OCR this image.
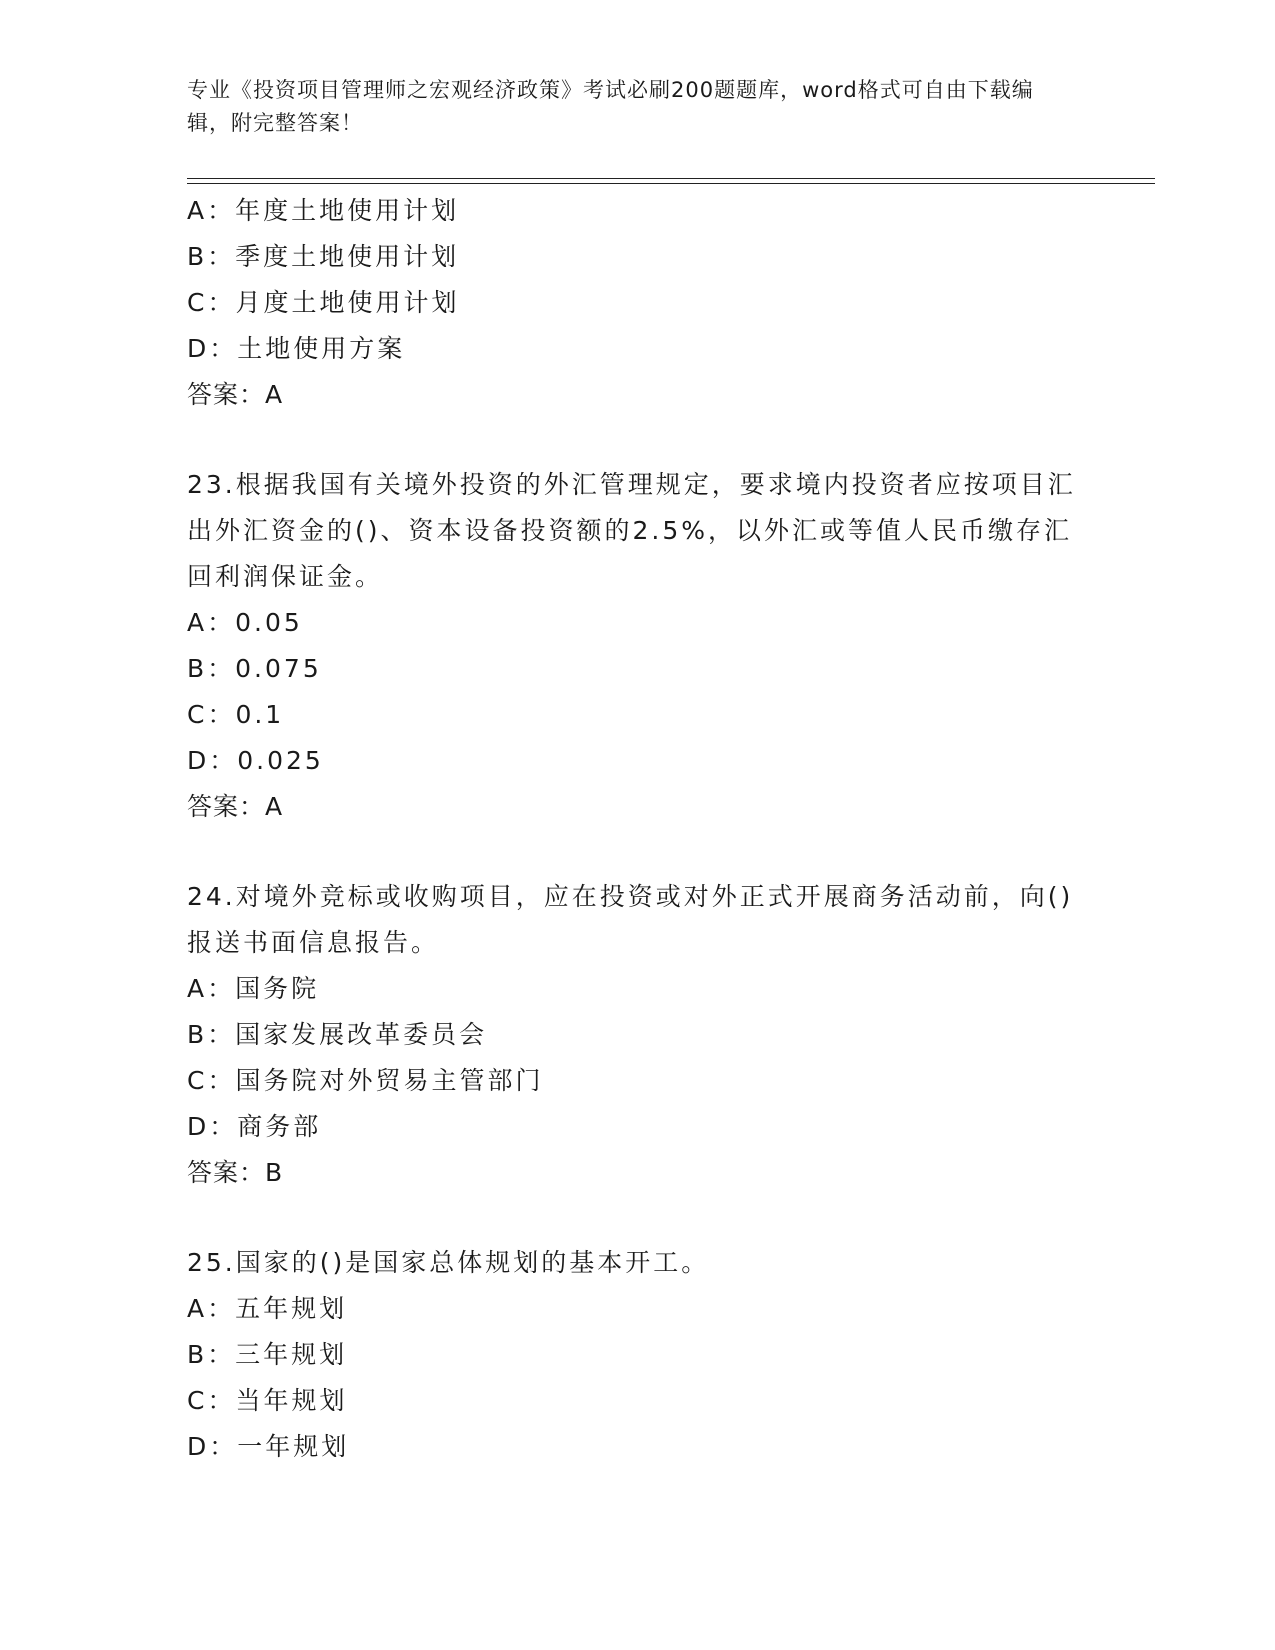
专业《投资项目管理师之宏观经济政策》考试必刷200题题库，word格式可自由下载编辑，附完整答案！
A：年度土地使用计划
B：季度土地使用计划
C：月度土地使用计划
D：土地使用方案
答案：A
23.根据我国有关境外投资的外汇管理规定，要求境内投资者应按项目汇出外汇资金的()、资本设备投资额的2.5%，以外汇或等值人民币缴存汇回利润保证金。
A：0.05
B：0.075
C：0.1
D：0.025
答案：A
24.对境外竞标或收购项目，应在投资或对外正式开展商务活动前，向()报送书面信息报告。
A：国务院
B：国家发展改革委员会
C：国务院对外贸易主管部门
D：商务部
答案：B
25.国家的()是国家总体规划的基本开工。
A：五年规划
B：三年规划
C：当年规划
D：一年规划
